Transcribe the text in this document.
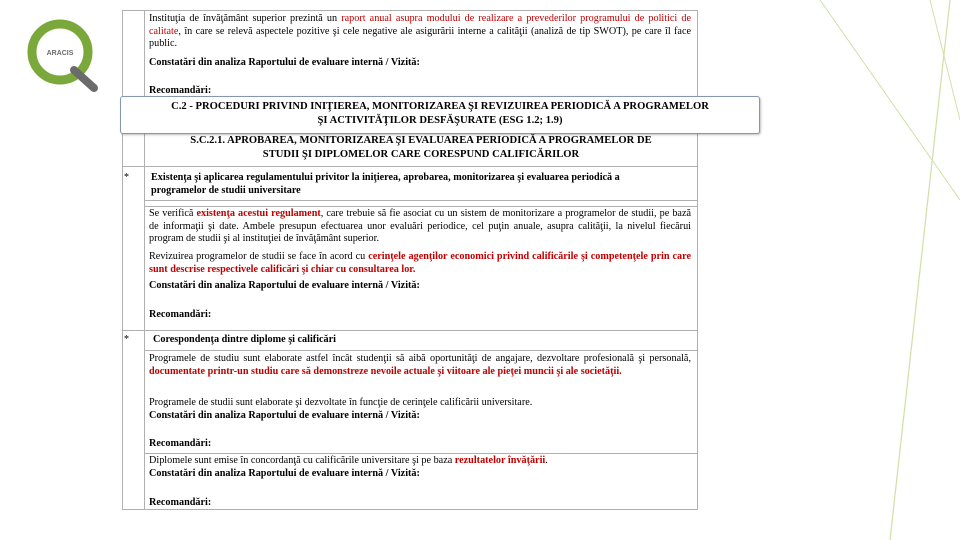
ARACIS
Instituţia de învăţământ superior prezintă un raport anual asupra modului de realizare a prevederilor programului de politici de calitate, în care se relevă aspectele pozitive şi cele negative ale asigurării interne a calităţii (analiză de tip SWOT), pe care îl face public.
Constatări din analiza Raportului de evaluare internă / Vizită:
Recomandări:
C.2 - PROCEDURI PRIVIND INIŢIEREA, MONITORIZAREA ŞI REVIZUIREA PERIODICĂ A PROGRAMELOR
ŞI ACTIVITĂŢILOR DESFĂŞURATE (ESG 1.2; 1.9)
S.C.2.1. APROBAREA, MONITORIZAREA ŞI EVALUAREA PERIODICĂ A PROGRAMELOR DE
STUDII ŞI DIPLOMELOR CARE CORESPUND CALIFICĂRILOR
* Existenţa şi aplicarea regulamentului privitor la iniţierea, aprobarea, monitorizarea şi evaluarea periodică a programelor de studii universitare
Se verifică existenţa acestui regulament, care trebuie să fie asociat cu un sistem de monitorizare a programelor de studii, pe bază de informaţii şi date. Ambele presupun efectuarea unor evaluări periodice, cel puţin anuale, asupra calităţii, la nivelul fiecărui program de studii şi al instituţiei de învăţământ superior.
Revizuirea programelor de studii se face în acord cu cerinţele agenţilor economici privind calificările şi competenţele prin care sunt descrise respectivele calificări şi chiar cu consultarea lor.
Constatări din analiza Raportului de evaluare internă / Vizită:
Recomandări:
* Corespondenţa dintre diplome şi calificări
Programele de studiu sunt elaborate astfel încât studenţii să aibă oportunităţi de angajare, dezvoltare profesională şi personală, documentate printr-un studiu care să demonstreze nevoile actuale şi viitoare ale pieţei muncii şi ale societăţii.
Programele de studii sunt elaborate şi dezvoltate în funcţie de cerinţele calificării universitare.
Constatări din analiza Raportului de evaluare internă / Vizită:
Recomandări:
Diplomele sunt emise în concordanţă cu calificările universitare şi pe baza rezultatelor învăţării.
Constatări din analiza Raportului de evaluare internă / Vizită:
Recomandări:
